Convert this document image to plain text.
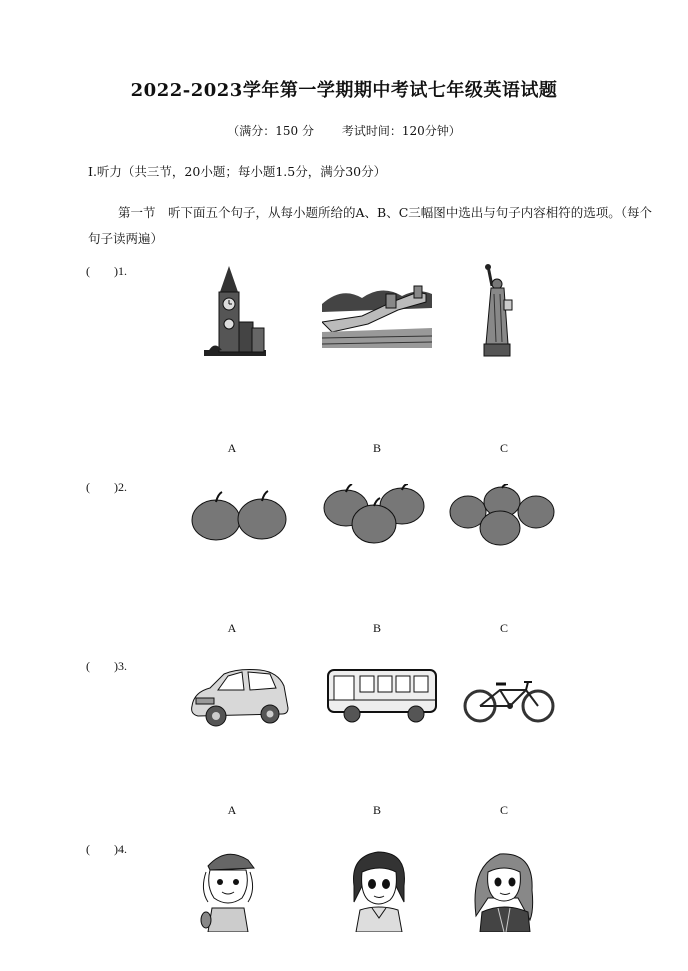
2022-2023学年第一学期期中考试七年级英语试题
（满分：150 分 考试时间：120分钟）
Ⅰ.听力（共三节，20小题；每小题1.5分，满分30分）
第一节　听下面五个句子，从每小题所给的A、B、C三幅图中选出与句子内容相符的选项。（每个句子读两遍）
(　　)1.
A	B	C
(　　)2.
A	B	C
(　　)3.
A	B	C
(　　)4.
